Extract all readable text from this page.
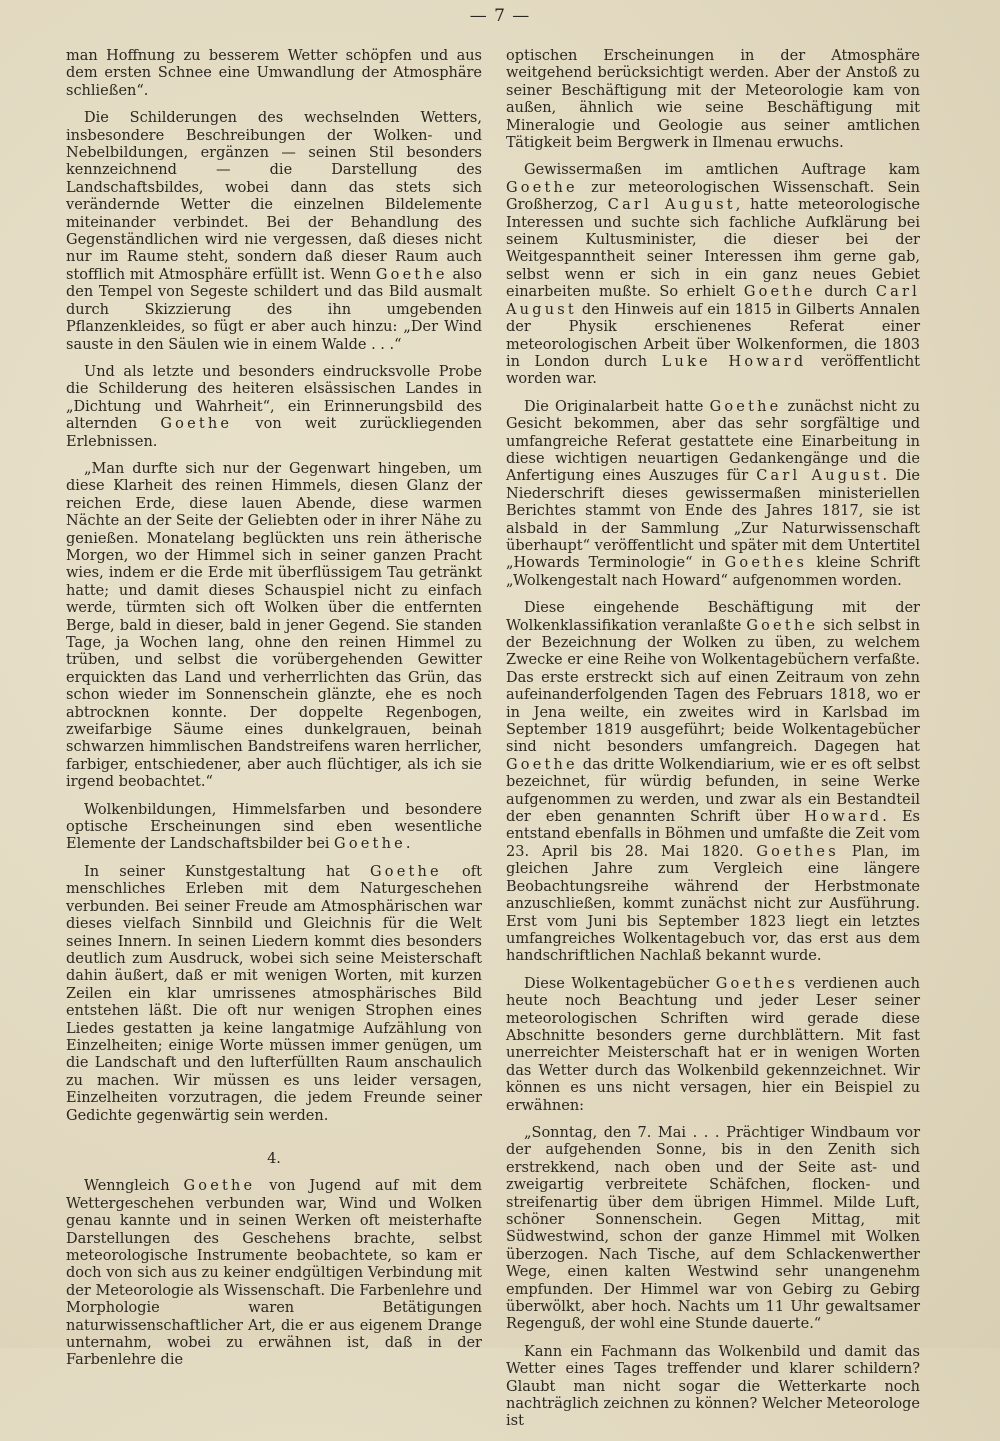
— 7 —

man Hoffnung zu besserem Wetter schöpfen und aus dem ersten Schnee eine Umwandlung der Atmosphäre schließen“.

Die Schilderungen des wechselnden Wetters, insbesondere Beschreibungen der Wolken- und Nebelbildungen, ergänzen — seinen Stil besonders kennzeichnend — die Darstellung des Landschaftsbildes, wobei dann das stets sich verändernde Wetter die einzelnen Bildelemente miteinander verbindet. Bei der Behandlung des Gegenständlichen wird nie vergessen, daß dieses nicht nur im Raume steht, sondern daß dieser Raum auch stofflich mit Atmosphäre erfüllt ist. Wenn Goethe also den Tempel von Segeste schildert und das Bild ausmalt durch Skizzierung des ihn umgebenden Pflanzenkleides, so fügt er aber auch hinzu: „Der Wind sauste in den Säulen wie in einem Walde . . .“

Und als letzte und besonders eindrucksvolle Probe die Schilderung des heiteren elsässischen Landes in „Dichtung und Wahrheit“, ein Erinnerungsbild des alternden Goethe von weit zurückliegenden Erlebnissen.

„Man durfte sich nur der Gegenwart hingeben, um diese Klarheit des reinen Himmels, diesen Glanz der reichen Erde, diese lauen Abende, diese warmen Nächte an der Seite der Geliebten oder in ihrer Nähe zu genießen. Monatelang beglückten uns rein ätherische Morgen, wo der Himmel sich in seiner ganzen Pracht wies, indem er die Erde mit überflüssigem Tau getränkt hatte; und damit dieses Schauspiel nicht zu einfach werde, türmten sich oft Wolken über die entfernten Berge, bald in dieser, bald in jener Gegend. Sie standen Tage, ja Wochen lang, ohne den reinen Himmel zu trüben, und selbst die vorübergehenden Gewitter erquickten das Land und verherrlichten das Grün, das schon wieder im Sonnenschein glänzte, ehe es noch abtrocknen konnte. Der doppelte Regenbogen, zweifarbige Säume eines dunkelgrauen, beinah schwarzen himmlischen Bandstreifens waren herrlicher, farbiger, entschiedener, aber auch flüchtiger, als ich sie irgend beobachtet.“

Wolkenbildungen, Himmelsfarben und besondere optische Erscheinungen sind eben wesentliche Elemente der Landschaftsbilder bei Goethe.

In seiner Kunstgestaltung hat Goethe oft menschliches Erleben mit dem Naturgeschehen verbunden. Bei seiner Freude am Atmosphärischen war dieses vielfach Sinnbild und Gleichnis für die Welt seines Innern. In seinen Liedern kommt dies besonders deutlich zum Ausdruck, wobei sich seine Meisterschaft dahin äußert, daß er mit wenigen Worten, mit kurzen Zeilen ein klar umrissenes atmosphärisches Bild entstehen läßt. Die oft nur wenigen Strophen eines Liedes gestatten ja keine langatmige Aufzählung von Einzelheiten; einige Worte müssen immer genügen, um die Landschaft und den lufterfüllten Raum anschaulich zu machen. Wir müssen es uns leider versagen, Einzelheiten vorzutragen, die jedem Freunde seiner Gedichte gegenwärtig sein werden.

4.

Wenngleich Goethe von Jugend auf mit dem Wettergeschehen verbunden war, Wind und Wolken genau kannte und in seinen Werken oft meisterhafte Darstellungen des Geschehens brachte, selbst meteorologische Instrumente beobachtete, so kam er doch von sich aus zu keiner endgültigen Verbindung mit der Meteorologie als Wissenschaft. Die Farbenlehre und Morphologie waren Betätigungen naturwissenschaftlicher Art, die er aus eigenem Drange unternahm, wobei zu erwähnen ist, daß in der Farbenlehre die

optischen Erscheinungen in der Atmosphäre weitgehend berücksichtigt werden. Aber der Anstoß zu seiner Beschäftigung mit der Meteorologie kam von außen, ähnlich wie seine Beschäftigung mit Mineralogie und Geologie aus seiner amtlichen Tätigkeit beim Bergwerk in Ilmenau erwuchs.

Gewissermaßen im amtlichen Auftrage kam Goethe zur meteorologischen Wissenschaft. Sein Großherzog, Carl August, hatte meteorologische Interessen und suchte sich fachliche Aufklärung bei seinem Kultusminister, die dieser bei der Weitgespanntheit seiner Interessen ihm gerne gab, selbst wenn er sich in ein ganz neues Gebiet einarbeiten mußte. So erhielt Goethe durch Carl August den Hinweis auf ein 1815 in Gilberts Annalen der Physik erschienenes Referat einer meteorologischen Arbeit über Wolkenformen, die 1803 in London durch Luke Howard veröffentlicht worden war.

Die Originalarbeit hatte Goethe zunächst nicht zu Gesicht bekommen, aber das sehr sorgfältige und umfangreiche Referat gestattete eine Einarbeitung in diese wichtigen neuartigen Gedankengänge und die Anfertigung eines Auszuges für Carl August. Die Niederschrift dieses gewissermaßen ministeriellen Berichtes stammt von Ende des Jahres 1817, sie ist alsbald in der Sammlung „Zur Naturwissenschaft überhaupt“ veröffentlicht und später mit dem Untertitel „Howards Terminologie“ in Goethes kleine Schrift „Wolkengestalt nach Howard“ aufgenommen worden.

Diese eingehende Beschäftigung mit der Wolkenklassifikation veranlaßte Goethe sich selbst in der Bezeichnung der Wolken zu üben, zu welchem Zwecke er eine Reihe von Wolkentagebüchern verfaßte. Das erste erstreckt sich auf einen Zeitraum von zehn aufeinanderfolgenden Tagen des Februars 1818, wo er in Jena weilte, ein zweites wird in Karlsbad im September 1819 ausgeführt; beide Wolkentagebücher sind nicht besonders umfangreich. Dagegen hat Goethe das dritte Wolkendiarium, wie er es oft selbst bezeichnet, für würdig befunden, in seine Werke aufgenommen zu werden, und zwar als ein Bestandteil der eben genannten Schrift über Howard. Es entstand ebenfalls in Böhmen und umfaßte die Zeit vom 23. April bis 28. Mai 1820. Goethes Plan, im gleichen Jahre zum Vergleich eine längere Beobachtungsreihe während der Herbstmonate anzuschließen, kommt zunächst nicht zur Ausführung. Erst vom Juni bis September 1823 liegt ein letztes umfangreiches Wolkentagebuch vor, das erst aus dem handschriftlichen Nachlaß bekannt wurde.

Diese Wolkentagebücher Goethes verdienen auch heute noch Beachtung und jeder Leser seiner meteorologischen Schriften wird gerade diese Abschnitte besonders gerne durchblättern. Mit fast unerreichter Meisterschaft hat er in wenigen Worten das Wetter durch das Wolkenbild gekennzeichnet. Wir können es uns nicht versagen, hier ein Beispiel zu erwähnen:

„Sonntag, den 7. Mai . . . Prächtiger Windbaum vor der aufgehenden Sonne, bis in den Zenith sich erstrekkend, nach oben und der Seite ast- und zweigartig verbreitete Schäfchen, flocken- und streifenartig über dem übrigen Himmel. Milde Luft, schöner Sonnenschein. Gegen Mittag, mit Südwestwind, schon der ganze Himmel mit Wolken überzogen. Nach Tische, auf dem Schlackenwerther Wege, einen kalten Westwind sehr unangenehm empfunden. Der Himmel war von Gebirg zu Gebirg überwölkt, aber hoch. Nachts um 11 Uhr gewaltsamer Regenguß, der wohl eine Stunde dauerte.“

Kann ein Fachmann das Wolkenbild und damit das Wetter eines Tages treffender und klarer schildern? Glaubt man nicht sogar die Wetterkarte noch nachträglich zeichnen zu können? Welcher Meteorologe ist
